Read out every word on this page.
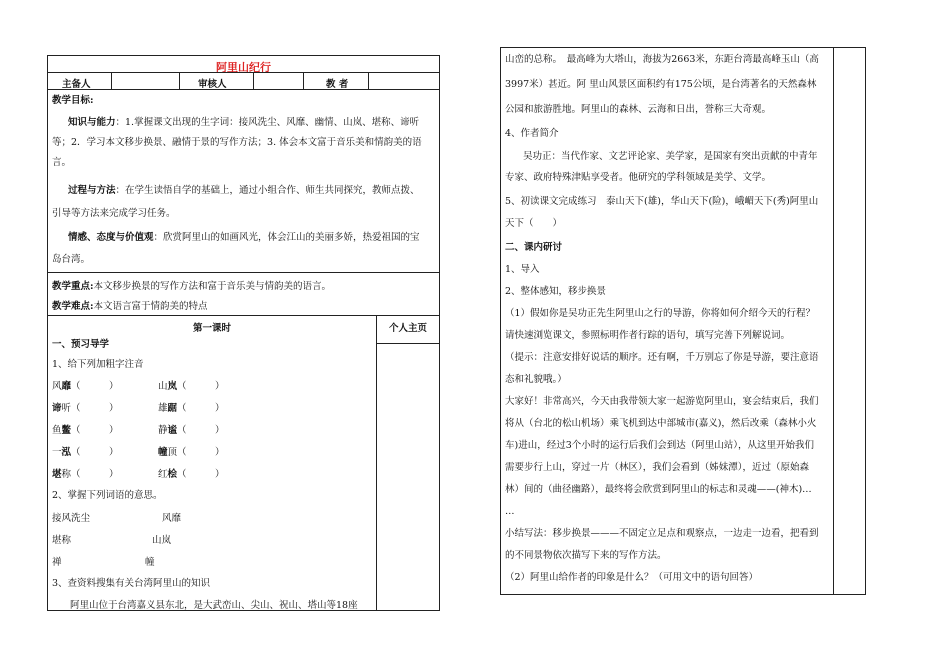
阿里山纪行
主备人	审核人	教 者
教学目标:
知识与能力：1.掌握课文出现的生字词：接风洗尘、风靡、幽情、山岚、堪称、谛听
等；2．学习本文移步换景、融情于景的写作方法；3. 体会本文富于音乐美和情韵美的语
言。
过程与方法：在学生读悟自学的基础上，通过小组合作、师生共同探究，教师点拨、
引导等方法来完成学习任务。
情感、态度与价值观：欣赏阿里山的如画风光，体会江山的美丽多娇，热爱祖国的宝
岛台湾。
教学重点:本文移步换景的写作方法和富于音乐美与情韵美的语言。
教学难点:本文语言富于情韵美的特点
第一课时	个人主页
一、预习导学
1、给下列加粗字注音
风靡（　　　）	山岚（　　　）
谛听（　　　）	雄踞（　　　）
鱼鳖（　　　）	静谧（　　　）
一泓（　　　）	幢顶（　　　）
堪称（　　　）	红桧（　　　）
2、掌握下列词语的意思。
接风洗尘	风靡
堪称	山岚
禅	幢
3、查资料搜集有关台湾阿里山的知识
阿里山位于台湾嘉义县东北，是大武峦山、尖山、祝山、塔山等18座
山峦的总称。　最高峰为大塔山，海拔为2663米，东距台湾最高峰玉山（高
3997米）甚近。阿 里山风景区面积约有175公顷，是台湾著名的天然森林
公园和旅游胜地。阿里山的森林、云海和日出，誉称三大奇观。
4、作者简介
吴功正：当代作家、文艺评论家、美学家，是国家有突出贡献的中青年
专家、政府特殊津贴享受者。他研究的学科领域是美学、文学。
5、初读课文完成练习　泰山天下(雄)，华山天下(险)，峨嵋天下(秀)阿里山
天下（　　）
二、课内研讨
1、导入
2、整体感知，移步换景
（1）假如你是吴功正先生阿里山之行的导游，你将如何介绍今天的行程？
请快速浏览课文，参照标明作者行踪的语句，填写完善下列解说词。
（提示：注意安排好说话的顺序。还有啊，千万别忘了你是导游，要注意语
态和礼貌哦。）
大家好！非常高兴，今天由我带领大家一起游览阿里山，宴会结束后，我们
将从（台北的松山机场）乘飞机到达中部城市(嘉义)，然后改乘（森林小火
车)进山，经过3个小时的运行后我们会到达（阿里山站），从这里开始我们
需要步行上山，穿过一片（林区），我们会看到（姊妹潭），近过（原始森
林）间的（曲径幽路），最终将会欣赏到阿里山的标志和灵魂——(神木)…
…
小结写法：移步换景———不固定立足点和观察点，一边走一边看，把看到
的不同景物依次描写下来的写作方法。
（2）阿里山给作者的印象是什么？（可用文中的语句回答）
